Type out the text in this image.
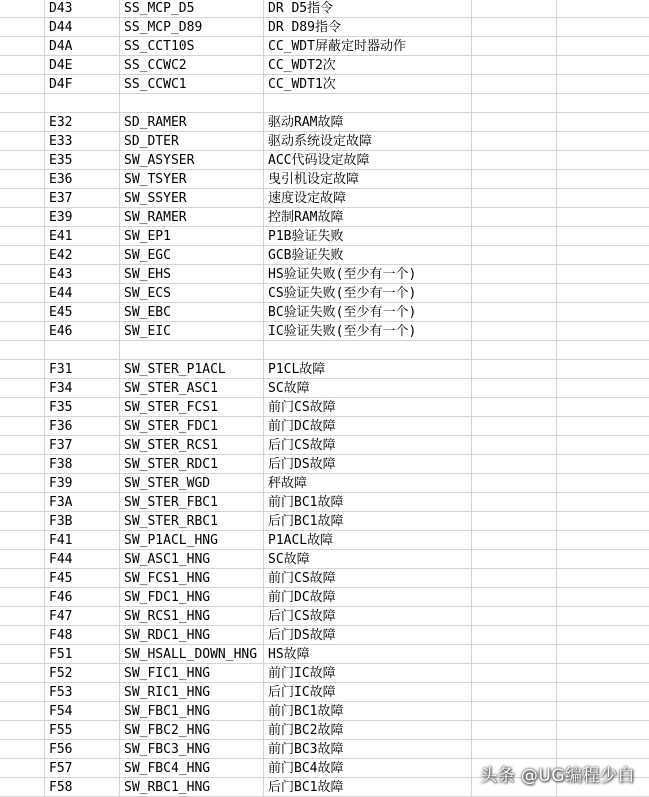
D43	SS_MCP_D5	DR D5指令
D44	SS_MCP_D89	DR D89指令
D4A	SS_CCT10S	CC_WDT屏蔽定时器动作
D4E	SS_CCWC2	CC_WDT2次
D4F	SS_CCWC1	CC_WDT1次
E32	SD_RAMER	驱动RAM故障
E33	SD_DTER	驱动系统设定故障
E35	SW_ASYSER	ACC代码设定故障
E36	SW_TSYER	曳引机设定故障
E37	SW_SSYER	速度设定故障
E39	SW_RAMER	控制RAM故障
E41	SW_EP1	P1B验证失败
E42	SW_EGC	GCB验证失败
E43	SW_EHS	HS验证失败(至少有一个)
E44	SW_ECS	CS验证失败(至少有一个)
E45	SW_EBC	BC验证失败(至少有一个)
E46	SW_EIC	IC验证失败(至少有一个)
F31	SW_STER_P1ACL	P1CL故障
F34	SW_STER_ASC1	SC故障
F35	SW_STER_FCS1	前门CS故障
F36	SW_STER_FDC1	前门DC故障
F37	SW_STER_RCS1	后门CS故障
F38	SW_STER_RDC1	后门DS故障
F39	SW_STER_WGD	秤故障
F3A	SW_STER_FBC1	前门BC1故障
F3B	SW_STER_RBC1	后门BC1故障
F41	SW_P1ACL_HNG	P1ACL故障
F44	SW_ASC1_HNG	SC故障
F45	SW_FCS1_HNG	前门CS故障
F46	SW_FDC1_HNG	前门DC故障
F47	SW_RCS1_HNG	后门CS故障
F48	SW_RDC1_HNG	后门DS故障
F51	SW_HSALL_DOWN_HNG HS故障
F52	SW_FIC1_HNG	前门IC故障
F53	SW_RIC1_HNG	后门IC故障
F54	SW_FBC1_HNG	前门BC1故障
F55	SW_FBC2_HNG	前门BC2故障
F56	SW_FBC3_HNG	前门BC3故障
F57	SW_FBC4_HNG	前门BC4故障
F58	SW_RBC1_HNG	后门BC1故障
头条 @UG编程少白
